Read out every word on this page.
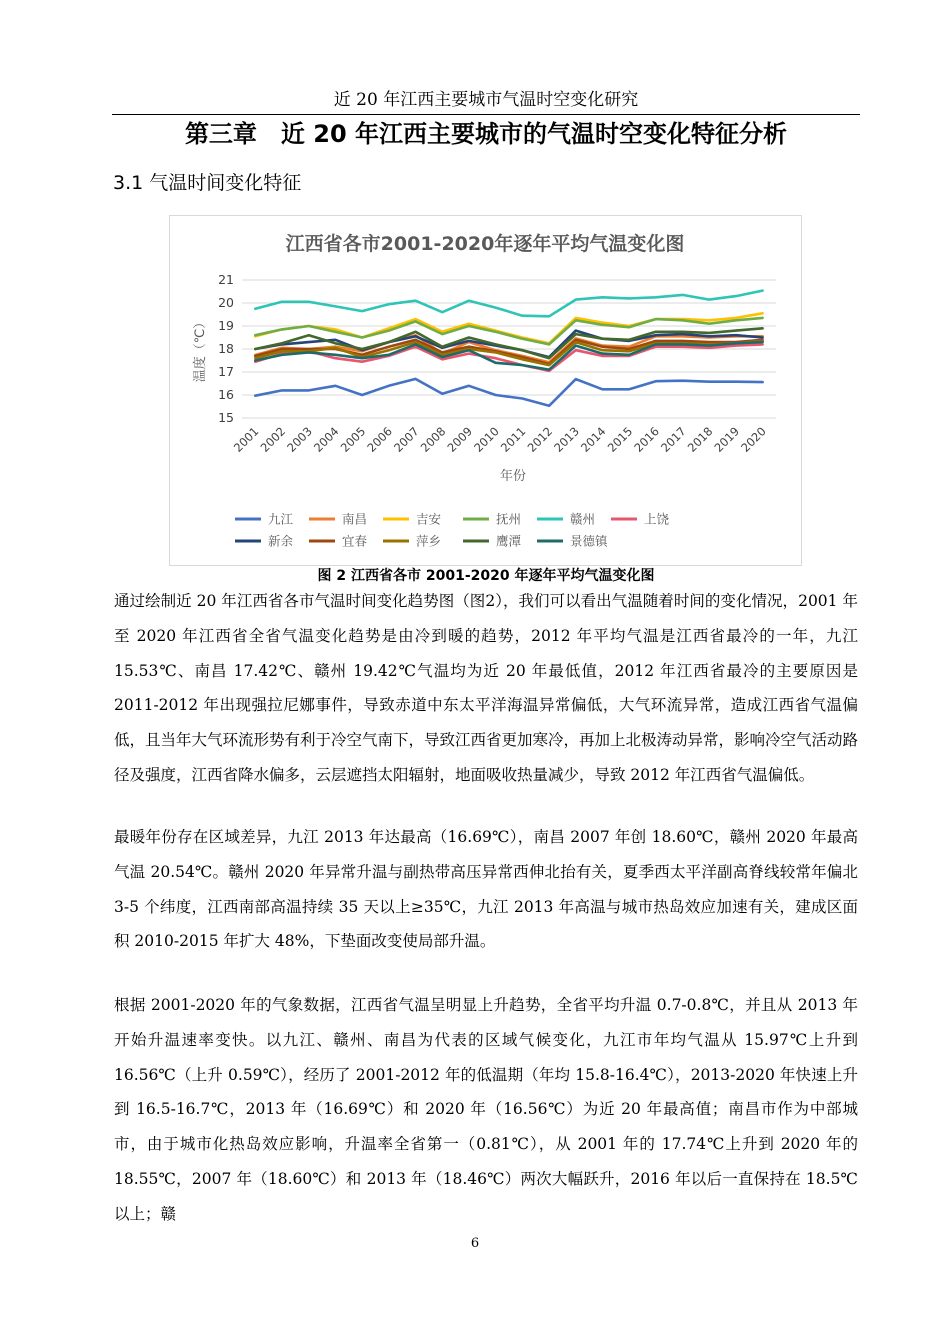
近 20 年江西主要城市气温时空变化研究
第三章　近 20 年江西主要城市的气温时空变化特征分析
3.1 气温时间变化特征
江西省各市2001-2020年逐年平均气温变化图
15
16
17
18
19
20
21
温度（℃）
2001
2002
2003
2004
2005
2006
2007
2008
2009
2010
2011
2012
2013
2014
2015
2016
2017
2018
2019
2020
年份
九江	南昌	吉安	抚州	赣州	上饶
新余	宜春	萍乡	鹰潭	景德镇
图 2 江西省各市 2001-2020 年逐年平均气温变化图

通过绘制近 20 年江西省各市气温时间变化趋势图（图2），我们可以看出气温随着时间的变化情况，2001 年至 2020 年江西省全省气温变化趋势是由冷到暖的趋势，2012 年平均气温是江西省最冷的一年，九江 15.53℃、南昌 17.42℃、赣州 19.42℃气温均为近 20 年最低值，2012 年江西省最冷的主要原因是 2011-2012 年出现强拉尼娜事件，导致赤道中东太平洋海温异常偏低，大气环流异常，造成江西省气温偏低，且当年大气环流形势有利于冷空气南下，导致江西省更加寒冷，再加上北极涛动异常，影响冷空气活动路径及强度，江西省降水偏多，云层遮挡太阳辐射，地面吸收热量减少，导致 2012 年江西省气温偏低。

最暖年份存在区域差异，九江 2013 年达最高（16.69℃），南昌 2007 年创 18.60℃，赣州 2020 年最高气温 20.54℃。赣州 2020 年异常升温与副热带高压异常西伸北抬有关，夏季西太平洋副高脊线较常年偏北 3-5 个纬度，江西南部高温持续 35 天以上≥35℃，九江 2013 年高温与城市热岛效应加速有关，建成区面积 2010-2015 年扩大 48%，下垫面改变使局部升温。

根据 2001-2020 年的气象数据，江西省气温呈明显上升趋势，全省平均升温 0.7-0.8℃，并且从 2013 年开始升温速率变快。以九江、赣州、南昌为代表的区域气候变化，九江市年均气温从 15.97℃上升到 16.56℃（上升 0.59℃），经历了 2001-2012 年的低温期（年均 15.8-16.4℃），2013-2020 年快速上升到 16.5-16.7℃，2013 年（16.69℃）和 2020 年（16.56℃）为近 20 年最高值；南昌市作为中部城市，由于城市化热岛效应影响，升温率全省第一（0.81℃），从 2001 年的 17.74℃上升到 2020 年的 18.55℃，2007 年（18.60℃）和 2013 年（18.46℃）两次大幅跃升，2016 年以后一直保持在 18.5℃以上；赣

6
